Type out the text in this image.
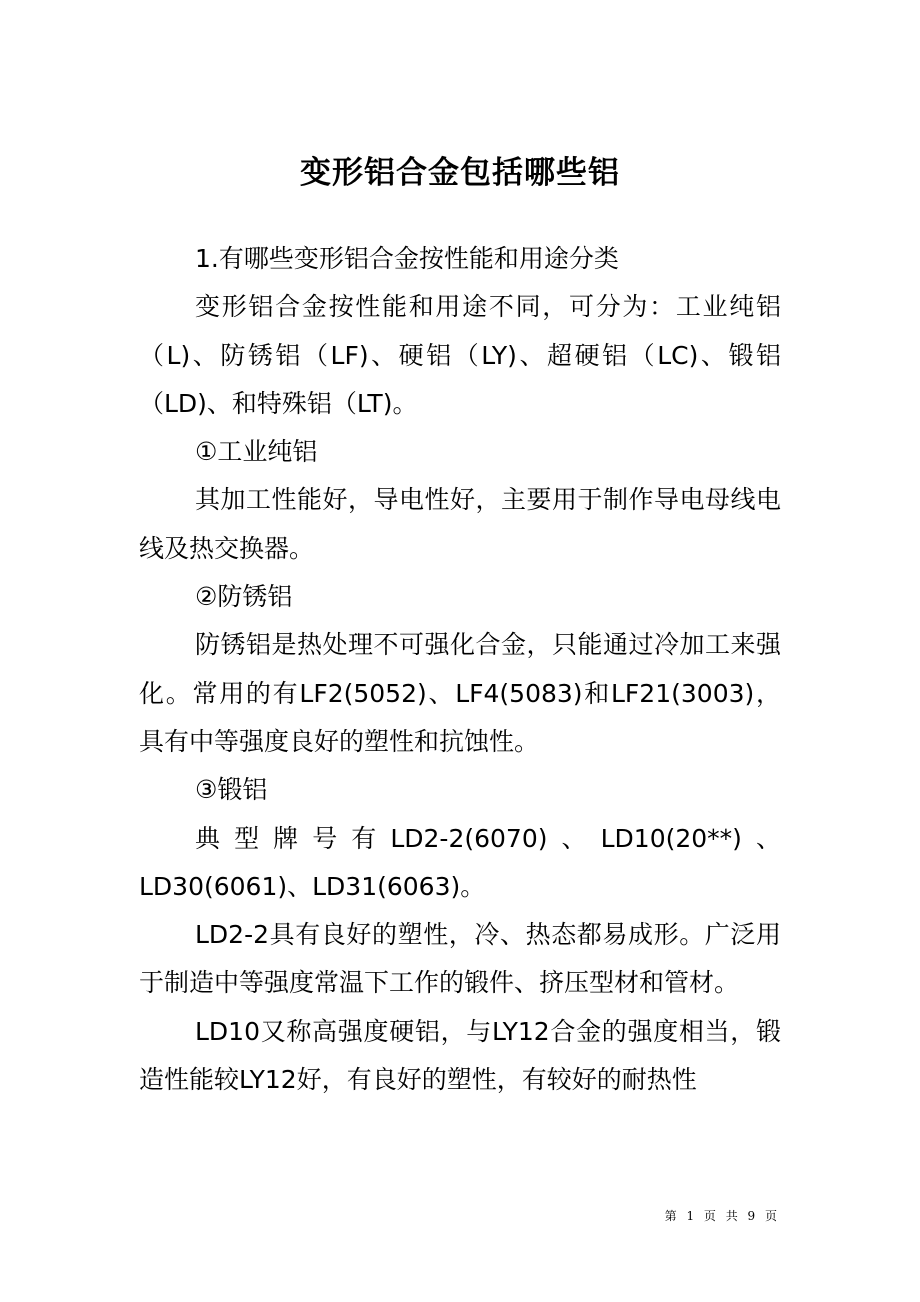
变形铝合金包括哪些铝

1.有哪些变形铝合金按性能和用途分类

变形铝合金按性能和用途不同，可分为：工业纯铝（L)、防锈铝（LF)、硬铝（LY)、超硬铝（LC)、锻铝（LD)、和特殊铝（LT)。

①工业纯铝

其加工性能好，导电性好，主要用于制作导电母线电线及热交换器。

②防锈铝

防锈铝是热处理不可强化合金，只能通过冷加工来强化。常用的有LF2(5052)、LF4(5083)和LF21(3003)，具有中等强度良好的塑性和抗蚀性。

③锻铝

典型牌号有LD2-2(6070)、LD10(20**)、LD30(6061)、LD31(6063)。

LD2-2具有良好的塑性，冷、热态都易成形。广泛用于制造中等强度常温下工作的锻件、挤压型材和管材。

LD10又称高强度硬铝，与LY12合金的强度相当，锻造性能较LY12好，有良好的塑性，有较好的耐热性

第 1 页 共 9 页
